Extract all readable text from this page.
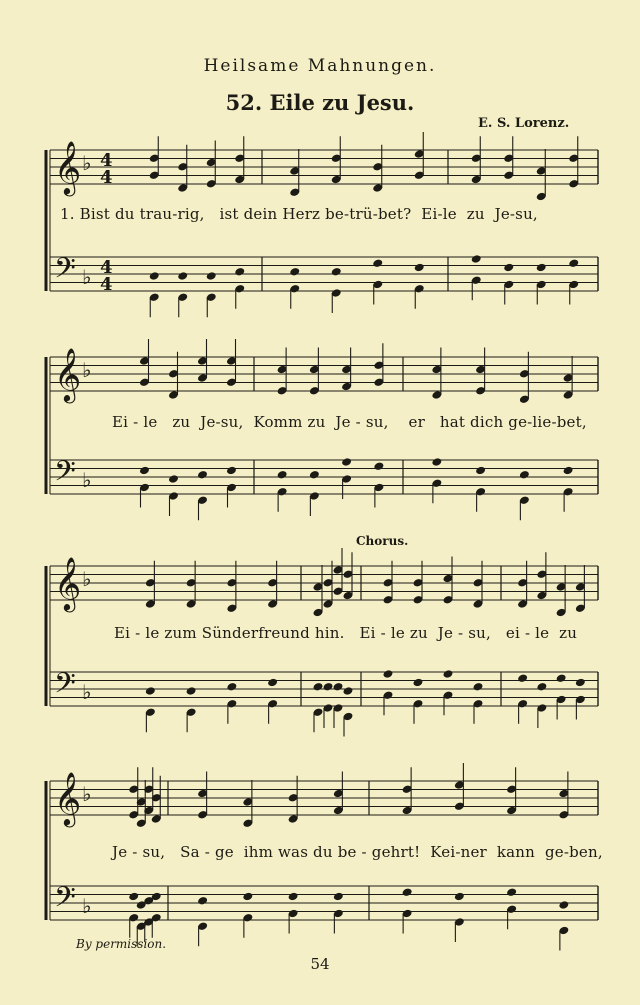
Heilsame Mahnungen.
52. Eile zu Jesu.
E. S. Lorenz.
Chorus.
𝄞 ♭ 4
4
𝄢 ♭ 4
4
𝄞 ♭
𝄢 ♭
𝄞 ♭
𝄢 ♭
𝄞 ♭
𝄢 ♭
1. Bist du trau-rig,   ist dein Herz be-trü-bet?  Ei-le  zu  Je-su,
Ei - le   zu  Je-su,  Komm zu  Je - su,    er   hat dich ge-lie-bet,
Ei - le zum Sünderfreund hin.   Ei - le zu  Je - su,   ei - le  zu
Je - su,   Sa - ge  ihm was du be - gehrt!  Kei-ner  kann  ge-ben,
By permission.
54
